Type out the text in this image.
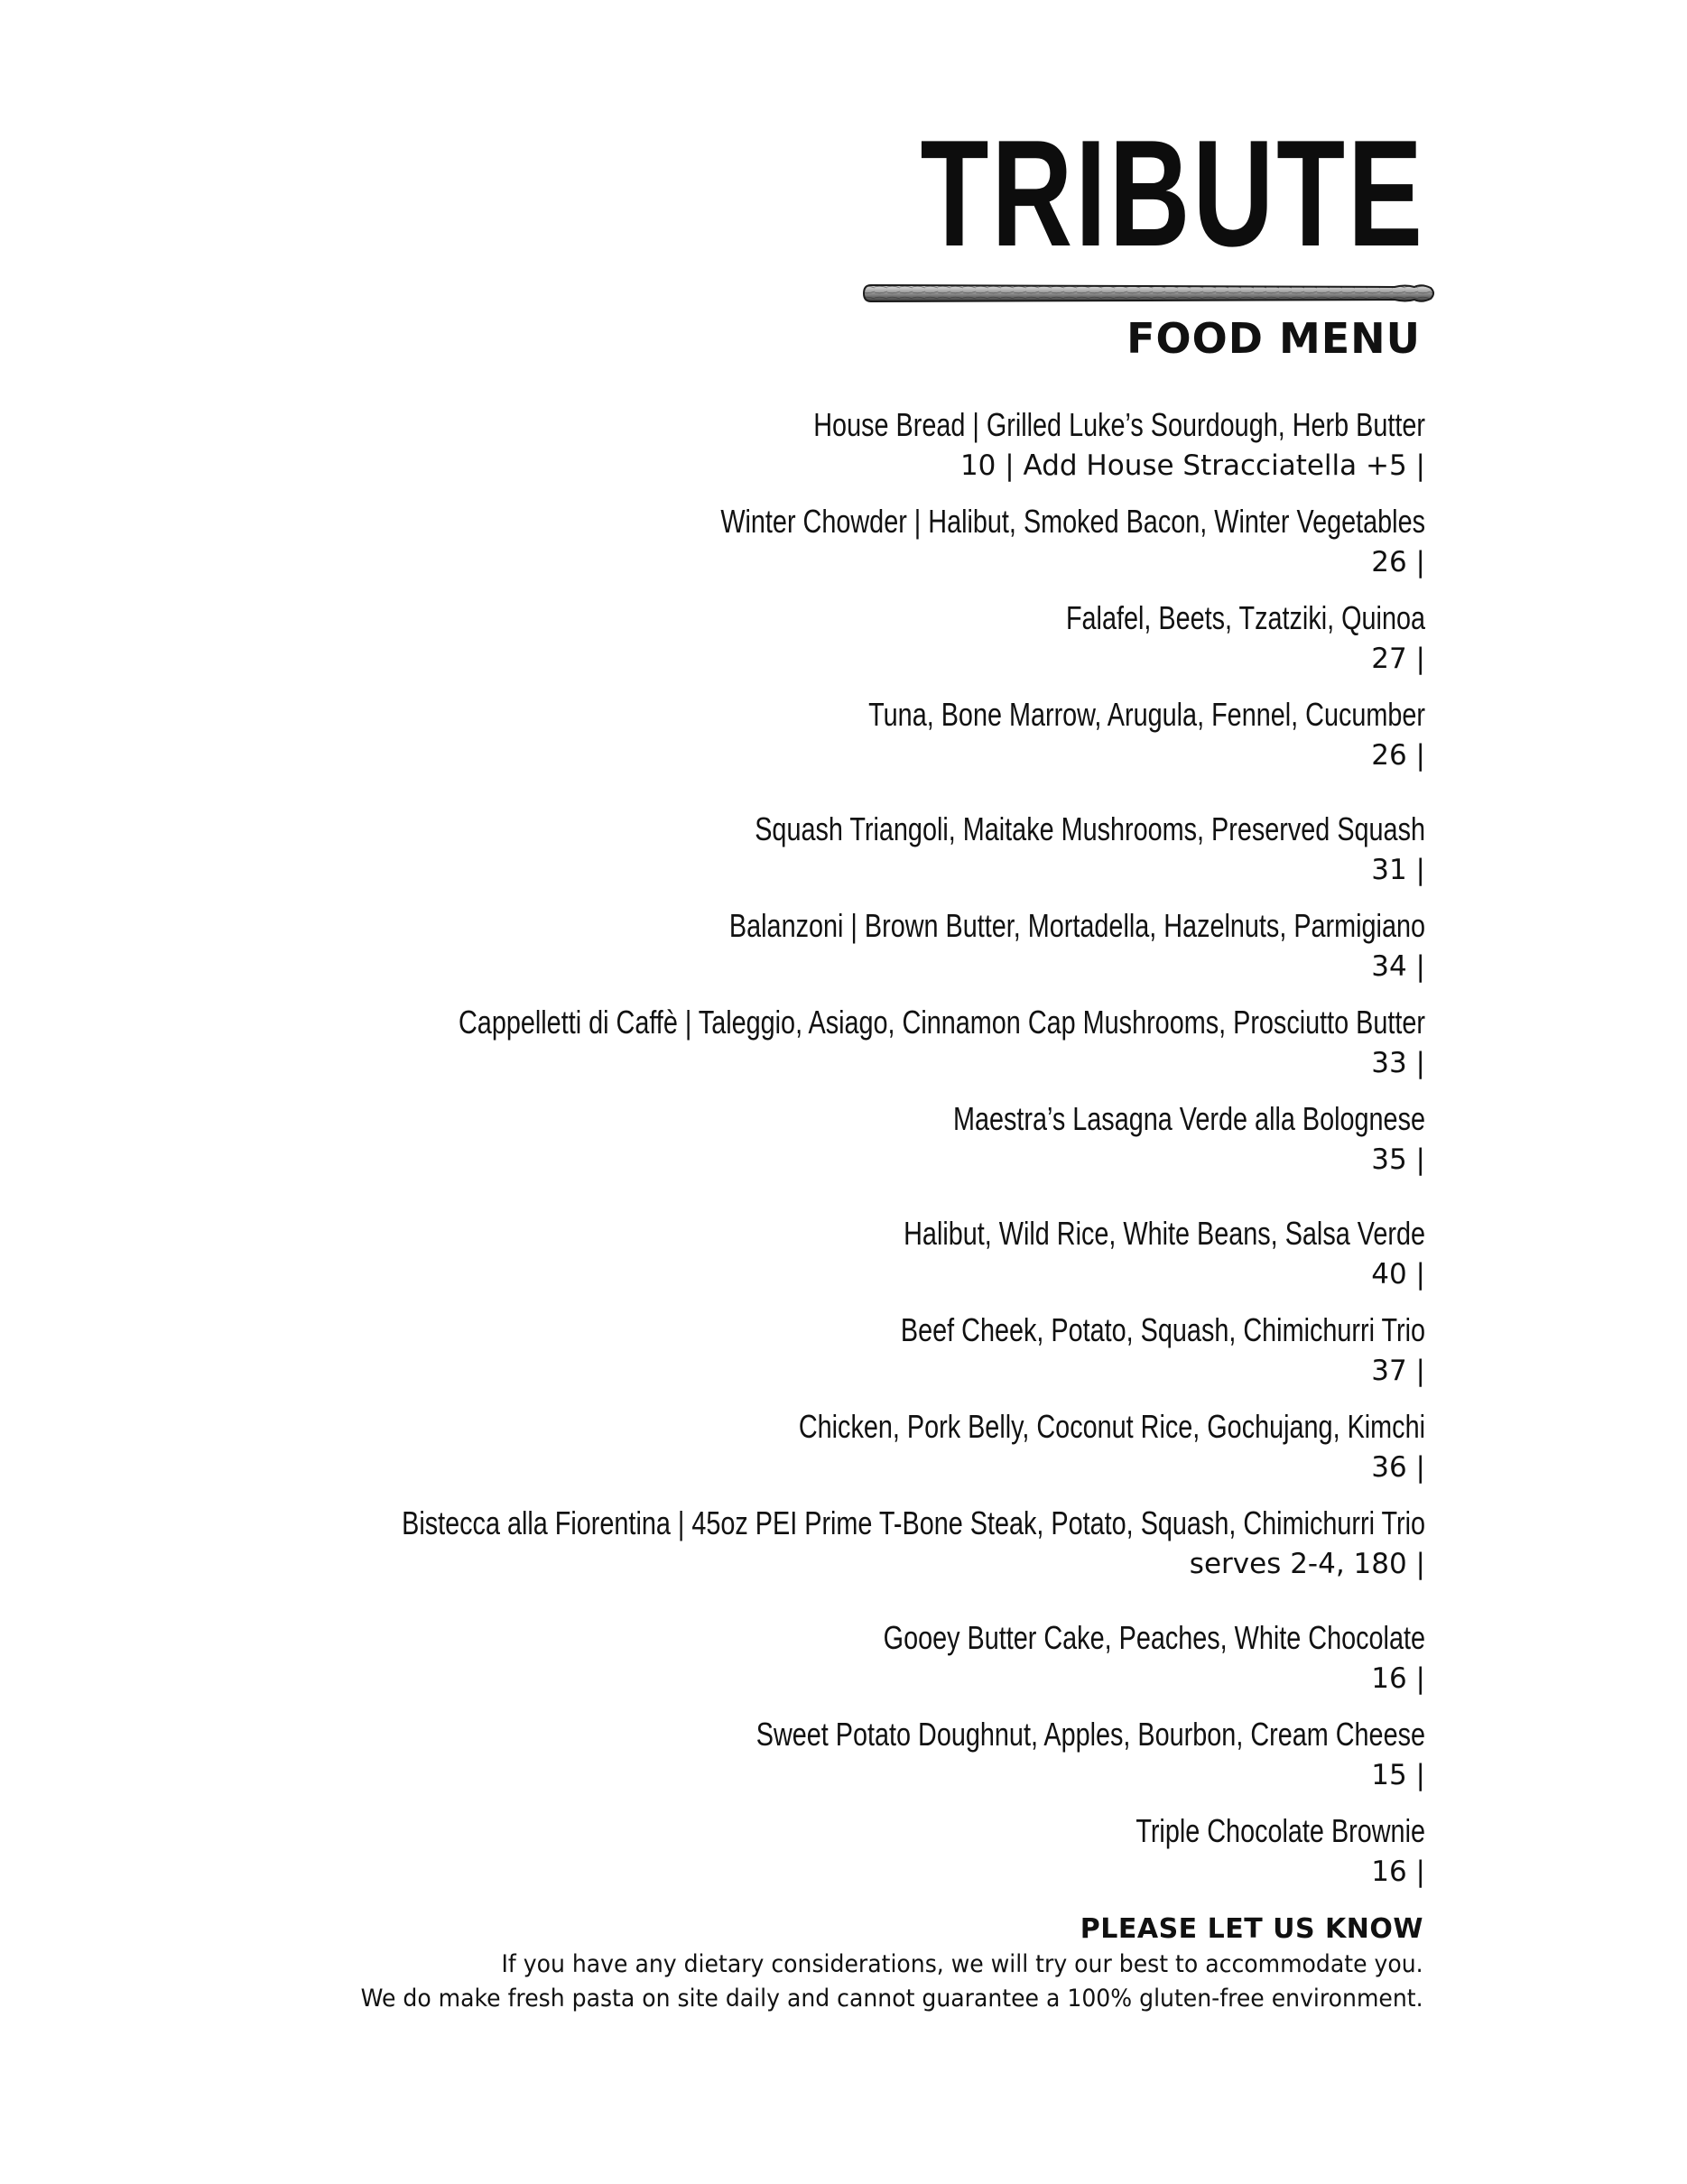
TRIBUTE
FOOD MENU
House Bread | Grilled Luke’s Sourdough, Herb Butter
10 | Add House Stracciatella +5 |
Winter Chowder | Halibut, Smoked Bacon, Winter Vegetables
26 |
Falafel, Beets, Tzatziki, Quinoa
27 |
Tuna, Bone Marrow, Arugula, Fennel, Cucumber
26 |
Squash Triangoli, Maitake Mushrooms, Preserved Squash
31 |
Balanzoni | Brown Butter, Mortadella, Hazelnuts, Parmigiano
34 |
Cappelletti di Caffè | Taleggio, Asiago, Cinnamon Cap Mushrooms, Prosciutto Butter
33 |
Maestra’s Lasagna Verde alla Bolognese
35 |
Halibut, Wild Rice, White Beans, Salsa Verde
40 |
Beef Cheek, Potato, Squash, Chimichurri Trio
37 |
Chicken, Pork Belly, Coconut Rice, Gochujang, Kimchi
36 |
Bistecca alla Fiorentina | 45oz PEI Prime T-Bone Steak, Potato, Squash, Chimichurri Trio
serves 2-4, 180 |
Gooey Butter Cake, Peaches, White Chocolate
16 |
Sweet Potato Doughnut, Apples, Bourbon, Cream Cheese
15 |
Triple Chocolate Brownie
16 |
PLEASE LET US KNOW
If you have any dietary considerations, we will try our best to accommodate you.
We do make fresh pasta on site daily and cannot guarantee a 100% gluten-free environment.
